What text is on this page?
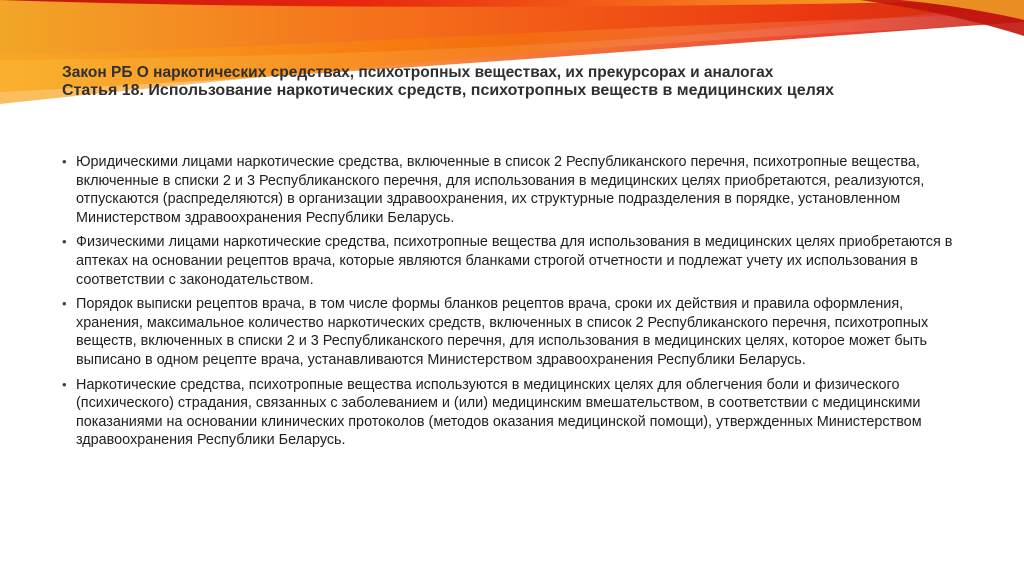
Закон РБ О наркотических средствах, психотропных веществах, их прекурсорах и аналогах
Статья 18. Использование наркотических средств, психотропных веществ в медицинских целях
• Юридическими лицами наркотические средства, включенные в список 2 Республиканского перечня, психотропные вещества, включенные в списки 2 и 3 Республиканского перечня, для использования в медицинских целях приобретаются, реализуются, отпускаются (распределяются) в организации здравоохранения, их структурные подразделения в порядке, установленном Министерством здравоохранения Республики Беларусь.
• Физическими лицами наркотические средства, психотропные вещества для использования в медицинских целях приобретаются в аптеках на основании рецептов врача, которые являются бланками строгой отчетности и подлежат учету их использования в соответствии с законодательством.
• Порядок выписки рецептов врача, в том числе формы бланков рецептов врача, сроки их действия и правила оформления, хранения, максимальное количество наркотических средств, включенных в список 2 Республиканского перечня, психотропных веществ, включенных в списки 2 и 3 Республиканского перечня, для использования в медицинских целях, которое может быть выписано в одном рецепте врача, устанавливаются Министерством здравоохранения Республики Беларусь.
• Наркотические средства, психотропные вещества используются в медицинских целях для облегчения боли и физического (психического) страдания, связанных с заболеванием и (или) медицинским вмешательством, в соответствии с медицинскими показаниями на основании клинических протоколов (методов оказания медицинской помощи), утвержденных Министерством здравоохранения Республики Беларусь.
